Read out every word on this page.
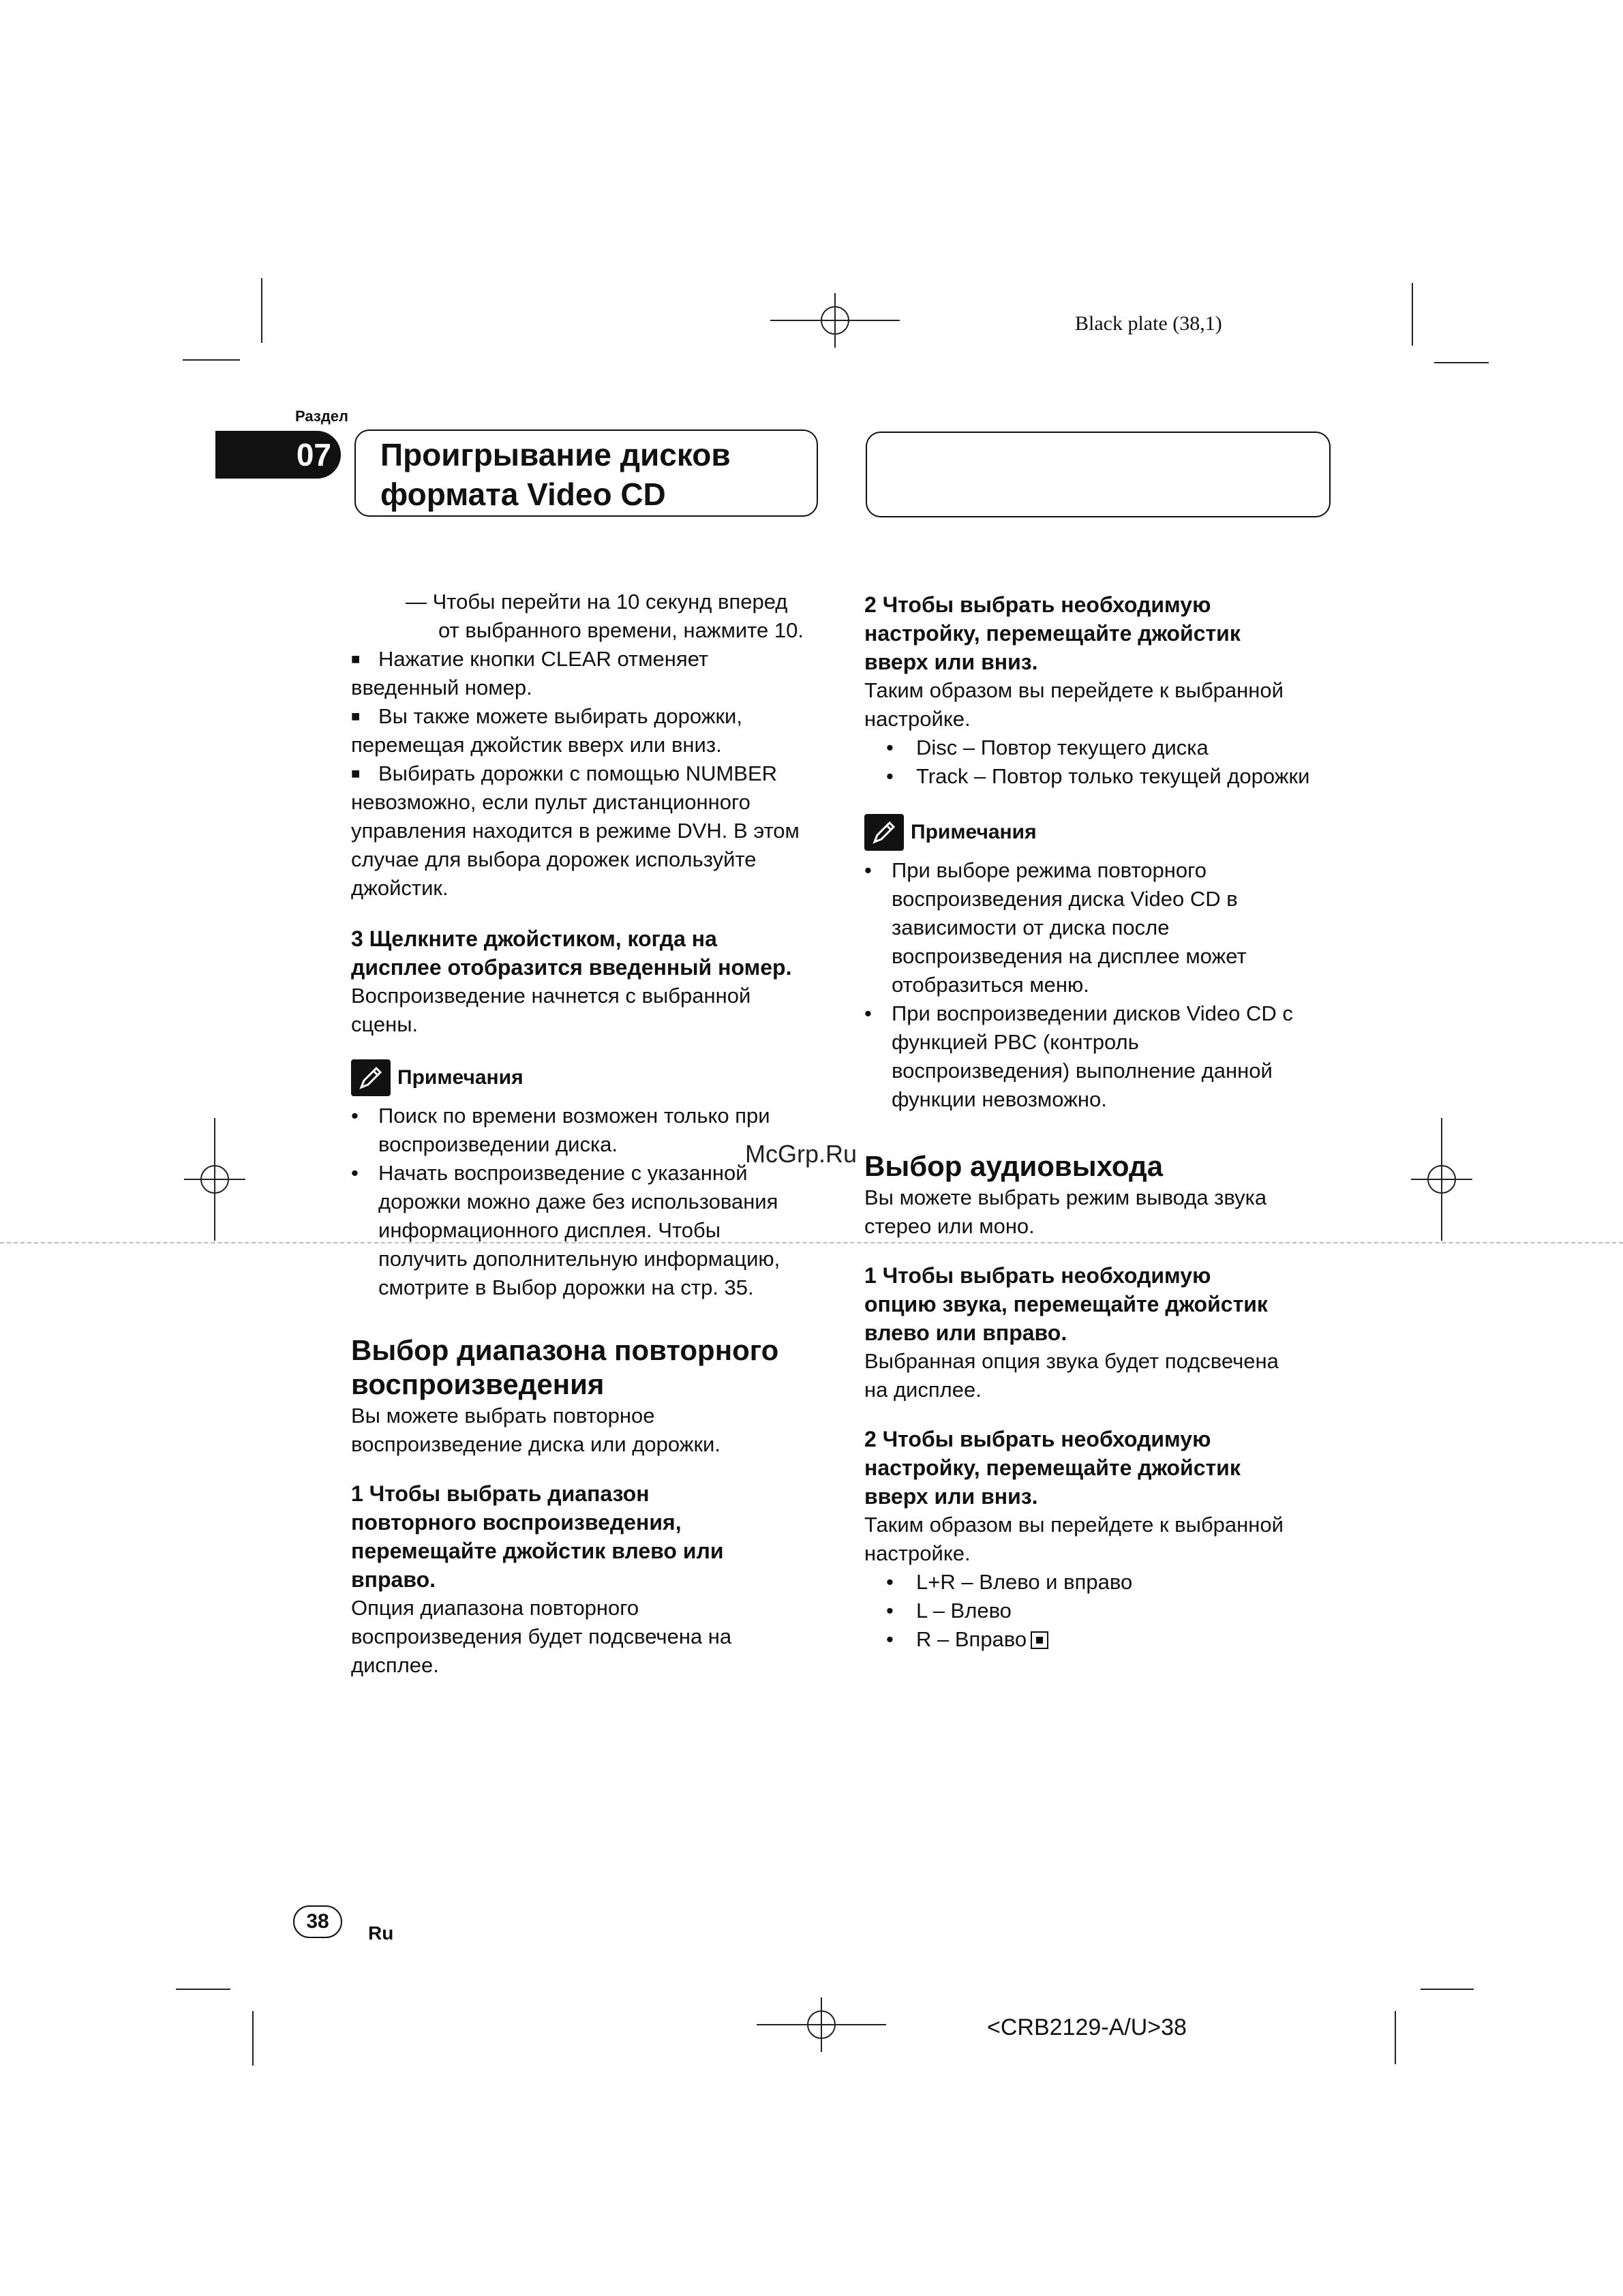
Black plate (38,1)
Раздел
07	Проигрывание дисков
формата Video CD

— Чтобы перейти на 10 секунд вперед

от выбранного времени, нажмите 10.

■ Нажатие кнопки CLEAR отменяет

введенный номер.

■ Вы также можете выбирать дорожки,

перемещая джойстик вверх или вниз.

■ Выбирать дорожки с помощью NUMBER

невозможно, если пульт дистанционного

управления находится в режиме DVH. В этом

случае для выбора дорожек используйте

джойстик.

3 Щелкните джойстиком, когда на

дисплее отобразится введенный номер.

Воспроизведение начнется с выбранной

сцены.

Примечания
• Поиск по времени возможен только при

воспроизведении диска.

• Начать воспроизведение с указанной

дорожки можно даже без использования

информационного дисплея. Чтобы

получить дополнительную информацию,

смотрите в Выбор дорожки на стр. 35.

Выбор диапазона повторного

воспроизведения

Вы можете выбрать повторное

воспроизведение диска или дорожки.

1 Чтобы выбрать диапазон

повторного воспроизведения,

перемещайте джойстик влево или

вправо.

Опция диапазона повторного

воспроизведения будет подсвечена на

дисплее.

2 Чтобы выбрать необходимую

настройку, перемещайте джойстик

вверх или вниз.

Таким образом вы перейдете к выбранной

настройке.

•	Disc – Повтор текущего диска
•	Track – Повтор только текущей дорожки
Примечания
• При выборе режима повторного

воспроизведения диска Video CD в

зависимости от диска после

воспроизведения на дисплее может

отобразиться меню.

• При воспроизведении дисков Video CD с

функцией PBC (контроль

воспроизведения) выполнение данной

функции невозможно.

Выбор аудиовыхода

Вы можете выбрать режим вывода звука

стерео или моно.

1 Чтобы выбрать необходимую

опцию звука, перемещайте джойстик

влево или вправо.

Выбранная опция звука будет подсвечена

на дисплее.

2 Чтобы выбрать необходимую

настройку, перемещайте джойстик

вверх или вниз.

Таким образом вы перейдете к выбранной

настройке.

•	L+R – Влево и вправо
•	L – Влево
•	R – Вправо
McGrp.Ru
38
Ru
<CRB2129-A/U>38
